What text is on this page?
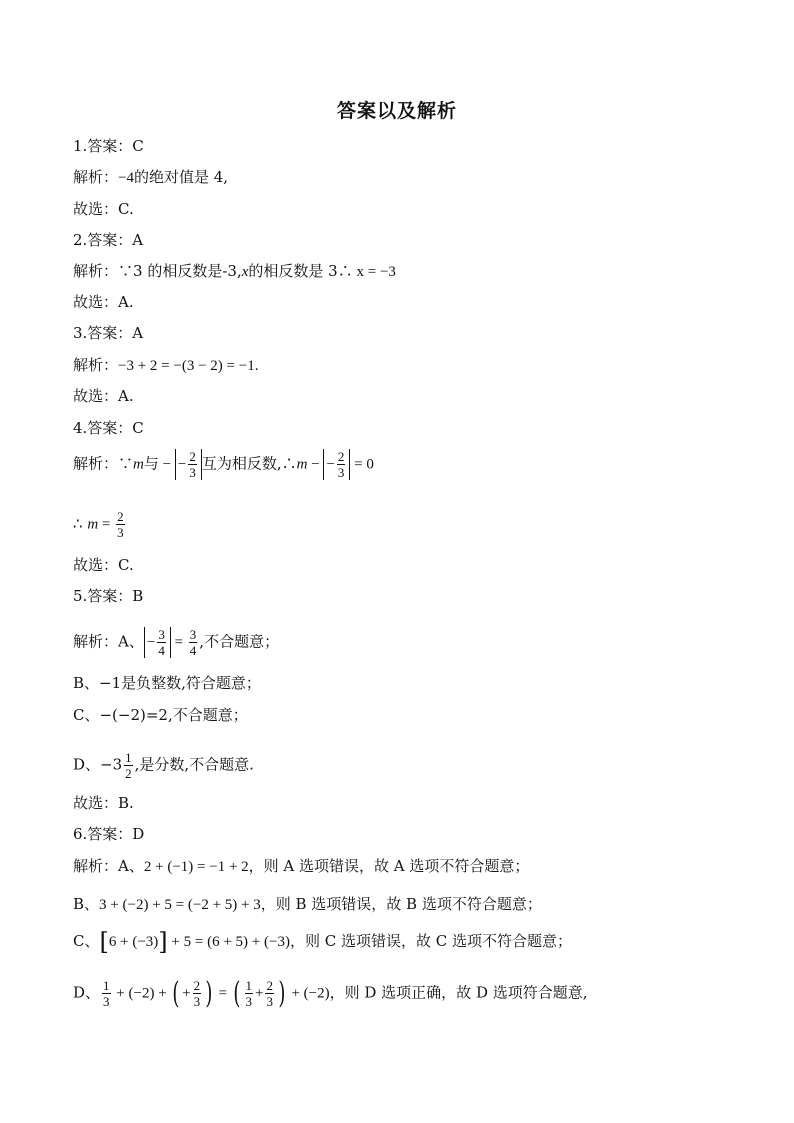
答案以及解析
1.答案：C
解析：−4的绝对值是 4,
故选：C.
2.答案：A
解析：∵3 的相反数是-3,x的相反数是 3∴ x = −3
故选：A.
3.答案：A
解析：−3 + 2 = −(3 − 2) = −1.
故选：A.
4.答案：C
解析：∵m与 − − $\frac{2}{3}$ 互为相反数,∴m − − $\frac{2}{3} = 0$
∴ $m = \frac{2}{3}$
故选：C.
5.答案：B
解析：A、 − $\frac{3}{4} = \frac{3}{4}$ ,不合题意；
B、−1是负整数,符合题意；
C、−(−2)=2,不合题意；
D、$-3 \frac{1}{2}$ ,是分数,不合题意.
故选：B.
6.答案：D
解析：A、2 + (−1) = −1 + 2，则 A 选项错误，故 A 选项不符合题意；
B、3 + (−2) + 5 = (−2 + 5) + 3，则 B 选项错误，故 B 选项不符合题意；
C、[6 + (−3)] + 5 = (6 + 5) + (−3)，则 C 选项错误，故 C 选项不符合题意；
D、 $\frac{1}{3} + (-2)$ + ( + $\frac{2}{3}$ ) = ( $\frac{1}{3} + \frac{2}{3}$ ) + (−2)，则 D 选项正确，故 D 选项符合题意,
